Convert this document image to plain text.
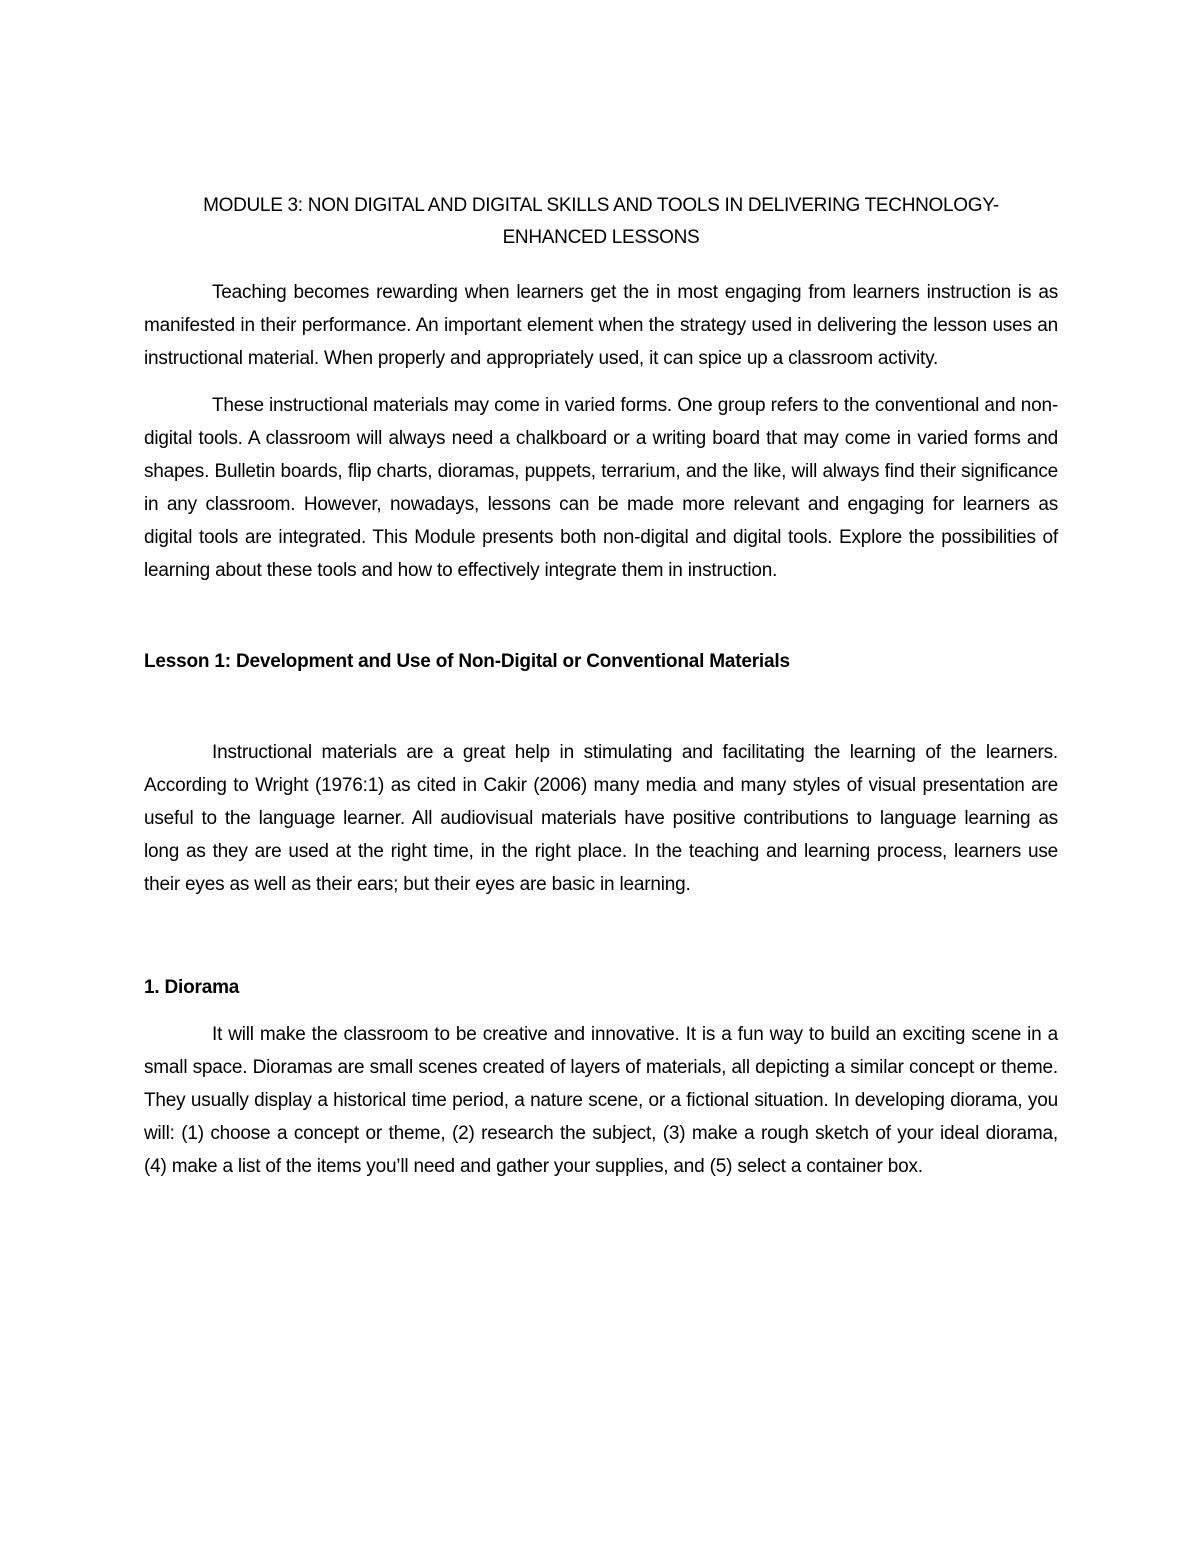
MODULE 3: NON DIGITAL AND DIGITAL SKILLS AND TOOLS IN DELIVERING TECHNOLOGY-
ENHANCED LESSONS

Teaching becomes rewarding when learners get the in most engaging from learners instruction is as manifested in their performance. An important element when the strategy used in delivering the lesson uses an instructional material. When properly and appropriately used, it can spice up a classroom activity.

These instructional materials may come in varied forms. One group refers to the conventional and non-digital tools. A classroom will always need a chalkboard or a writing board that may come in varied forms and shapes. Bulletin boards, flip charts, dioramas, puppets, terrarium, and the like, will always find their significance in any classroom. However, nowadays, lessons can be made more relevant and engaging for learners as digital tools are integrated. This Module presents both non-digital and digital tools. Explore the possibilities of learning about these tools and how to effectively integrate them in instruction.

Lesson 1: Development and Use of Non-Digital or Conventional Materials

Instructional materials are a great help in stimulating and facilitating the learning of the learners. According to Wright (1976:1) as cited in Cakir (2006) many media and many styles of visual presentation are useful to the language learner. All audiovisual materials have positive contributions to language learning as long as they are used at the right time, in the right place. In the teaching and learning process, learners use their eyes as well as their ears; but their eyes are basic in learning.

1. Diorama

It will make the classroom to be creative and innovative. It is a fun way to build an exciting scene in a small space. Dioramas are small scenes created of layers of materials, all depicting a similar concept or theme. They usually display a historical time period, a nature scene, or a fictional situation. In developing diorama, you will: (1) choose a concept or theme, (2) research the subject, (3) make a rough sketch of your ideal diorama, (4) make a list of the items you’ll need and gather your supplies, and (5) select a container box.
